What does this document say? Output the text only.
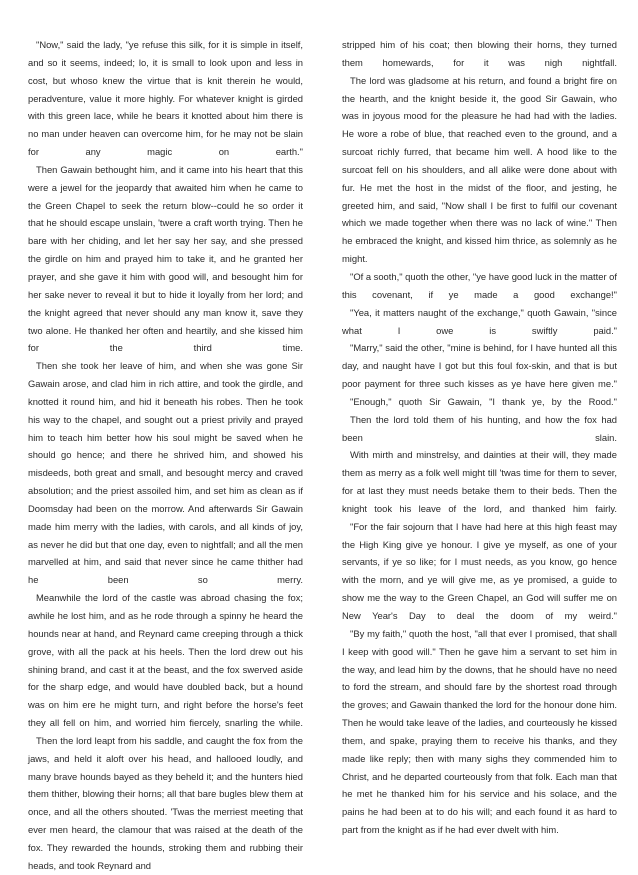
"Now," said the lady, "ye refuse this silk, for it is simple in itself, and so it seems, indeed; lo, it is small to look upon and less in cost, but whoso knew the virtue that is knit therein he would, peradventure, value it more highly. For whatever knight is girded with this green lace, while he bears it knotted about him there is no man under heaven can overcome him, for he may not be slain for any magic on earth."

Then Gawain bethought him, and it came into his heart that this were a jewel for the jeopardy that awaited him when he came to the Green Chapel to seek the return blow--could he so order it that he should escape unslain, 'twere a craft worth trying. Then he bare with her chiding, and let her say her say, and she pressed the girdle on him and prayed him to take it, and he granted her prayer, and she gave it him with good will, and besought him for her sake never to reveal it but to hide it loyally from her lord; and the knight agreed that never should any man know it, save they two alone. He thanked her often and heartily, and she kissed him for the third time.

Then she took her leave of him, and when she was gone Sir Gawain arose, and clad him in rich attire, and took the girdle, and knotted it round him, and hid it beneath his robes. Then he took his way to the chapel, and sought out a priest privily and prayed him to teach him better how his soul might be saved when he should go hence; and there he shrived him, and showed his misdeeds, both great and small, and besought mercy and craved absolution; and the priest assoiled him, and set him as clean as if Doomsday had been on the morrow. And afterwards Sir Gawain made him merry with the ladies, with carols, and all kinds of joy, as never he did but that one day, even to nightfall; and all the men marvelled at him, and said that never since he came thither had he been so merry.

Meanwhile the lord of the castle was abroad chasing the fox; awhile he lost him, and as he rode through a spinny he heard the hounds near at hand, and Reynard came creeping through a thick grove, with all the pack at his heels. Then the lord drew out his shining brand, and cast it at the beast, and the fox swerved aside for the sharp edge, and would have doubled back, but a hound was on him ere he might turn, and right before the horse's feet they all fell on him, and worried him fiercely, snarling the while.

Then the lord leapt from his saddle, and caught the fox from the jaws, and held it aloft over his head, and hallooed loudly, and many brave hounds bayed as they beheld it; and the hunters hied them thither, blowing their horns; all that bare bugles blew them at once, and all the others shouted. 'Twas the merriest meeting that ever men heard, the clamour that was raised at the death of the fox. They rewarded the hounds, stroking them and rubbing their heads, and took Reynard and

stripped him of his coat; then blowing their horns, they turned them homewards, for it was nigh nightfall.

The lord was gladsome at his return, and found a bright fire on the hearth, and the knight beside it, the good Sir Gawain, who was in joyous mood for the pleasure he had had with the ladies. He wore a robe of blue, that reached even to the ground, and a surcoat richly furred, that became him well. A hood like to the surcoat fell on his shoulders, and all alike were done about with fur. He met the host in the midst of the floor, and jesting, he greeted him, and said, "Now shall I be first to fulfil our covenant which we made together when there was no lack of wine." Then he embraced the knight, and kissed him thrice, as solemnly as he might.

"Of a sooth," quoth the other, "ye have good luck in the matter of this covenant, if ye made a good exchange!"

"Yea, it matters naught of the exchange," quoth Gawain, "since what I owe is swiftly paid."

"Marry," said the other, "mine is behind, for I have hunted all this day, and naught have I got but this foul fox-skin, and that is but poor payment for three such kisses as ye have here given me."

"Enough," quoth Sir Gawain, "I thank ye, by the Rood."

Then the lord told them of his hunting, and how the fox had been slain.

With mirth and minstrelsy, and dainties at their will, they made them as merry as a folk well might till 'twas time for them to sever, for at last they must needs betake them to their beds. Then the knight took his leave of the lord, and thanked him fairly.

"For the fair sojourn that I have had here at this high feast may the High King give ye honour. I give ye myself, as one of your servants, if ye so like; for I must needs, as you know, go hence with the morn, and ye will give me, as ye promised, a guide to show me the way to the Green Chapel, an God will suffer me on New Year's Day to deal the doom of my weird."

"By my faith," quoth the host, "all that ever I promised, that shall I keep with good will." Then he gave him a servant to set him in the way, and lead him by the downs, that he should have no need to ford the stream, and should fare by the shortest road through the groves; and Gawain thanked the lord for the honour done him. Then he would take leave of the ladies, and courteously he kissed them, and spake, praying them to receive his thanks, and they made like reply; then with many sighs they commended him to Christ, and he departed courteously from that folk. Each man that he met he thanked him for his service and his solace, and the pains he had been at to do his will; and each found it as hard to part from the knight as if he had ever dwelt with him.
